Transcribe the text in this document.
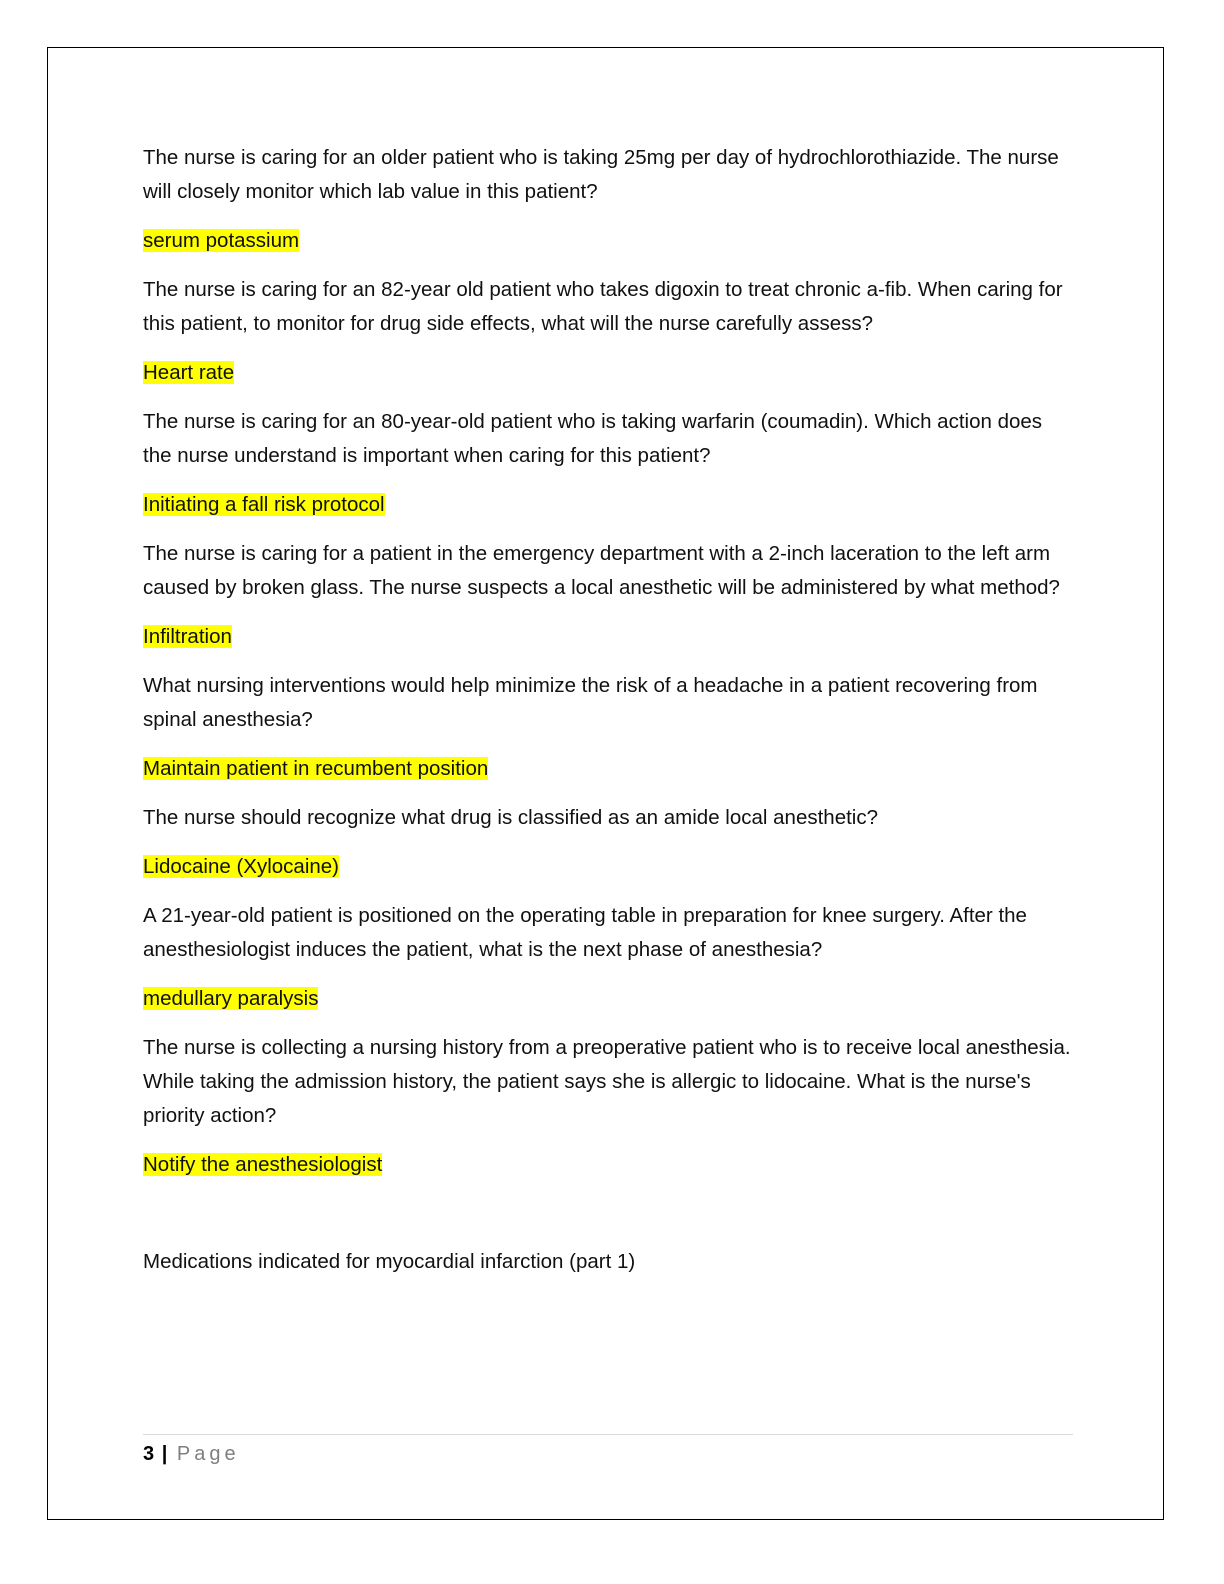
The nurse is caring for an older patient who is taking 25mg per day of hydrochlorothiazide. The nurse will closely monitor which lab value in this patient?

serum potassium

The nurse is caring for an 82-year old patient who takes digoxin to treat chronic a-fib. When caring for this patient, to monitor for drug side effects, what will the nurse carefully assess?

Heart rate

The nurse is caring for an 80-year-old patient who is taking warfarin (coumadin). Which action does the nurse understand is important when caring for this patient?

Initiating a fall risk protocol

The nurse is caring for a patient in the emergency department with a 2-inch laceration to the left arm caused by broken glass. The nurse suspects a local anesthetic will be administered by what method?

Infiltration

What nursing interventions would help minimize the risk of a headache in a patient recovering from spinal anesthesia?

Maintain patient in recumbent position

The nurse should recognize what drug is classified as an amide local anesthetic?

Lidocaine (Xylocaine)

A 21-year-old patient is positioned on the operating table in preparation for knee surgery. After the anesthesiologist induces the patient, what is the next phase of anesthesia?

medullary paralysis

The nurse is collecting a nursing history from a preoperative patient who is to receive local anesthesia. While taking the admission history, the patient says she is allergic to lidocaine. What is the nurse's priority action?

Notify the anesthesiologist

Medications indicated for myocardial infarction (part 1)

3 | Page
